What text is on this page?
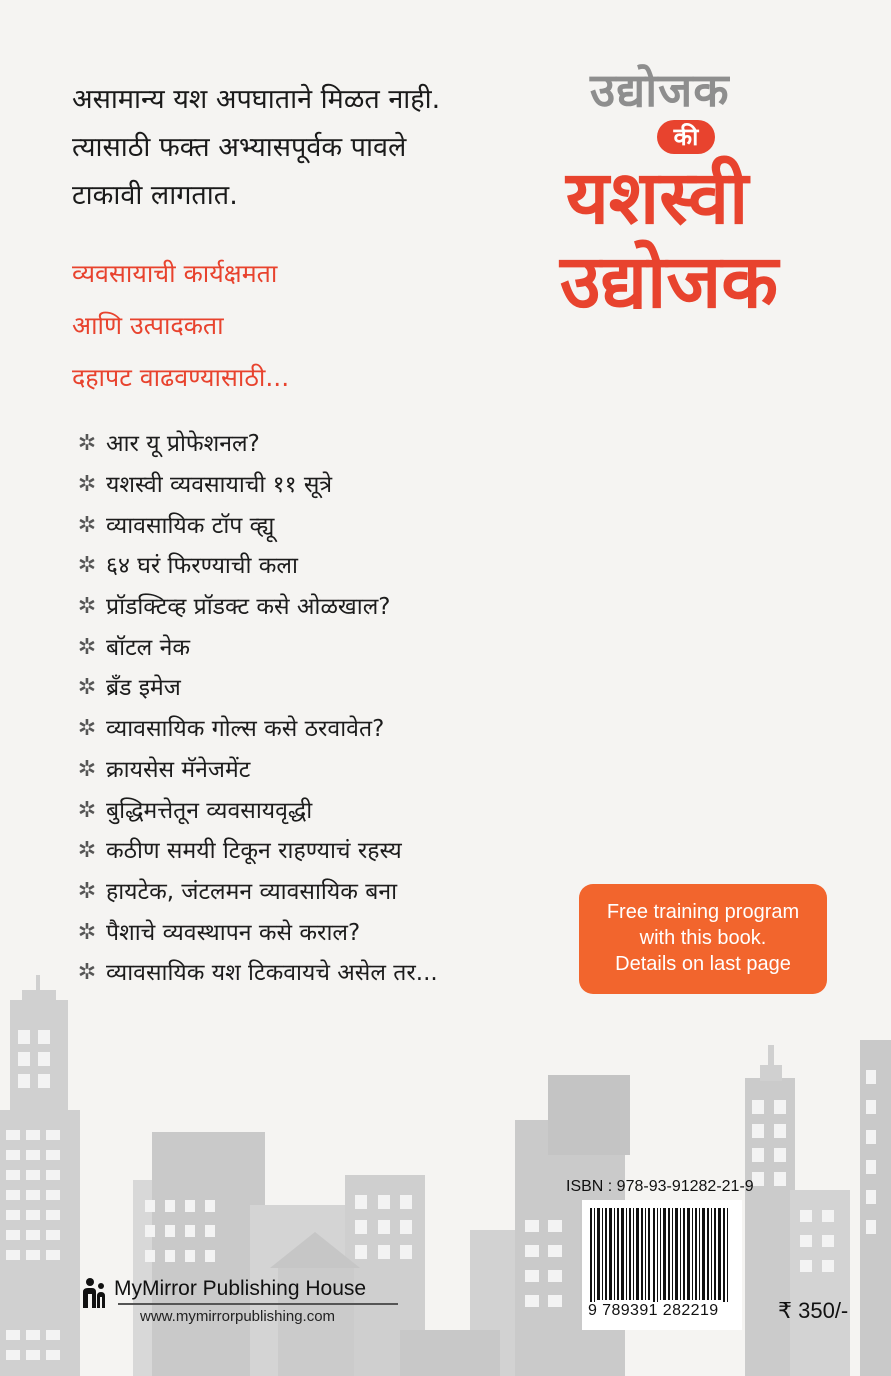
असामान्य यश अपघाताने मिळत नाही.

त्यासाठी फक्त अभ्यासपूर्वक पावले

टाकावी लागतात.

व्यवसायाची कार्यक्षमता

आणि उत्पादकता

दहापट वाढवण्यासाठी...

उद्योजक
की
यशस्वी
उद्योजक
✲ आर यू प्रोफेशनल?
✲ यशस्वी व्यवसायाची ११ सूत्रे
✲ व्यावसायिक टॉप व्ह्यू
✲ ६४ घरं फिरण्याची कला
✲ प्रॉडक्टिव्ह प्रॉडक्ट कसे ओळखाल?
✲ बॉटल नेक
✲ ब्रँड इमेज
✲ व्यावसायिक गोल्स कसे ठरवावेत?
✲ क्रायसेस मॅनेजमेंट
✲ बुद्धिमत्तेतून व्यवसायवृद्धी
✲ कठीण समयी टिकून राहण्याचं रहस्य
✲ हायटेक, जंटलमन व्यावसायिक बना
✲ पैशाचे व्यवस्थापन कसे कराल?
✲ व्यावसायिक यश टिकवायचे असेल तर...
Free training program
with this book.
Details on last page
ISBN : 978-93-91282-21-9
9 789391 282219	₹ 350/-
MyMirror Publishing House
www.mymirrorpublishing.com
